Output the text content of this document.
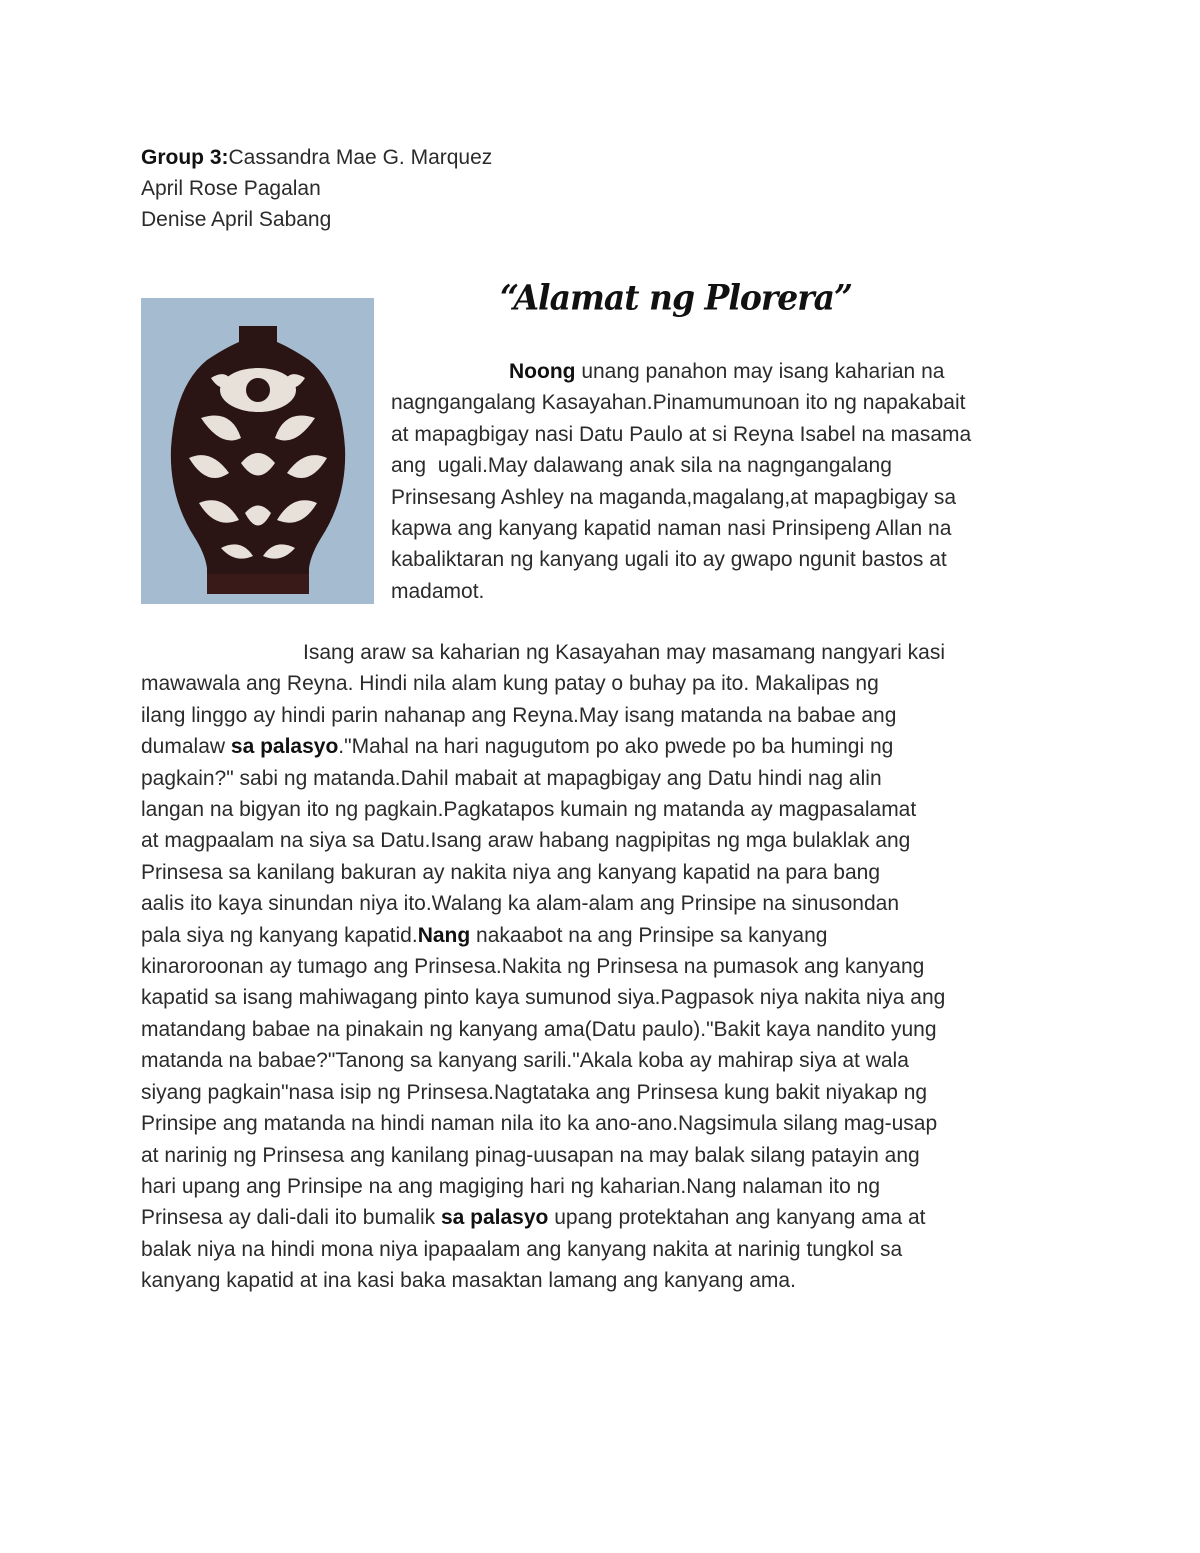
Group 3:Cassandra Mae G. Marquez
April Rose Pagalan
Denise April Sabang
“Alamat ng Plorera”
Noong unang panahon may isang kaharian na
nagngangalang Kasayahan.Pinamumunoan ito ng napakabait
at mapagbigay nasi Datu Paulo at si Reyna Isabel na masama
ang  ugali.May dalawang anak sila na nagngangalang
Prinsesang Ashley na maganda,magalang,at mapagbigay sa
kapwa ang kanyang kapatid naman nasi Prinsipeng Allan na
kabaliktaran ng kanyang ugali ito ay gwapo ngunit bastos at
madamot.
Isang araw sa kaharian ng Kasayahan may masamang nangyari kasi
mawawala ang Reyna. Hindi nila alam kung patay o buhay pa ito. Makalipas ng
ilang linggo ay hindi parin nahanap ang Reyna.May isang matanda na babae ang
dumalaw sa palasyo."Mahal na hari nagugutom po ako pwede po ba humingi ng
pagkain?" sabi ng matanda.Dahil mabait at mapagbigay ang Datu hindi nag alin
langan na bigyan ito ng pagkain.Pagkatapos kumain ng matanda ay magpasalamat
at magpaalam na siya sa Datu.Isang araw habang nagpipitas ng mga bulaklak ang
Prinsesa sa kanilang bakuran ay nakita niya ang kanyang kapatid na para bang
aalis ito kaya sinundan niya ito.Walang ka alam-alam ang Prinsipe na sinusondan
pala siya ng kanyang kapatid.Nang nakaabot na ang Prinsipe sa kanyang
kinaroroonan ay tumago ang Prinsesa.Nakita ng Prinsesa na pumasok ang kanyang
kapatid sa isang mahiwagang pinto kaya sumunod siya.Pagpasok niya nakita niya ang
matandang babae na pinakain ng kanyang ama(Datu paulo)."Bakit kaya nandito yung
matanda na babae?"Tanong sa kanyang sarili."Akala koba ay mahirap siya at wala
siyang pagkain"nasa isip ng Prinsesa.Nagtataka ang Prinsesa kung bakit niyakap ng
Prinsipe ang matanda na hindi naman nila ito ka ano-ano.Nagsimula silang mag-usap
at narinig ng Prinsesa ang kanilang pinag-uusapan na may balak silang patayin ang
hari upang ang Prinsipe na ang magiging hari ng kaharian.Nang nalaman ito ng
Prinsesa ay dali-dali ito bumalik sa palasyo upang protektahan ang kanyang ama at
balak niya na hindi mona niya ipapaalam ang kanyang nakita at narinig tungkol sa
kanyang kapatid at ina kasi baka masaktan lamang ang kanyang ama.
